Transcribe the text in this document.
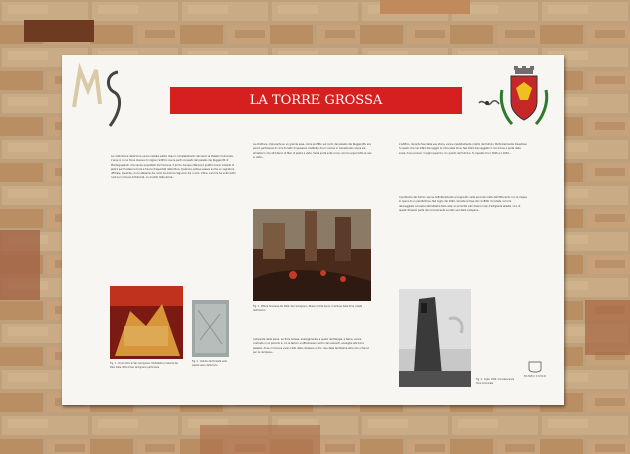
LA TORRE GROSSA
La costruzione della torre venne iniziata subito dopo il completamento dei lavori al Palazzo Comunale. L'area in cui si trova doveva di origine l'edificio ove le parti occupato dal palazzo dei Ruggerotti di Montegualandi, che venne acquistato dal Comune. Il primo dunque ottennerò quattro buoni inizianti di pietra per fondare la torre e furono trasportati dalle Mura. Qualcuno poteva essere anche un regnatore ufficiale. Qualche, di cui abbiamo dei nomi da Antonio Signorini tra i nomi, infine. La torre ha unito tutti i ruoli sul comune di Robinda, un erudito della storia...
Fig. 1 - Vicolo Ozio al San Gimignano. Modellista e Insieme del Palio dalla città di San Gimignano particolare
Fig. 2 - Veduta dal Podestà sulla piazza verso della torre
La struttura, imponente su un grande asse, come profitto sul conto del palazzo dei Ruggerotti, era perciò pertinenza di circa 8 metri di spessore costituito da un nucleo in calcestruzzo sopra sia all'esterno che all'interno di filari di pietra a vista. Sulla porta sulla croce, ancora sopra tutte le rasi in vista...
Fig. 3 - Pittura funeraria del 1600, San Gimignano, Museo d'Arte Sacra. Il Ventoso della Torre collata dell'interno.
campanile della pieve. La Torre Grossa, analogamente a quello del Mangia, a Siena, venne costruita in un periodo in cui le fazioni si affermavano entro dei nascenti, analoghe alla torre palazzo, dove il Comune verso l'alto delle campane e fra i due delle tantissime altre che vi fanno per la campana...
L'edificio, durante fasi della sua storia, venne ripetutamente colpito dai fulmini. Particolarmente disastroso fu quello che nel 1494 danneggiò la cima della torre; Nel 1622 danneggiato il cornicione e parte delle scale, dove sorsero i luoghi superiori. Un quarto del fulmine, fu riparato tra il 1626 e il 1630...
Il problema dei fulmini venne definitivamente scongiurato nella seconda metà dell'Ottocento con la messa in opera di un parafulmine. Nel luglio del 1944, durante la fase del conflitto mondiale, la torre danneggiata nel salire dell'altezza della villa; la sommità subì diversi colpi d'artiglieria alleata. Uno di questi dimezzò parte del coronamento sul lato sud della campana...
Fig. 4 - luglio 1944, Convalescenza Torre Comunale
MUSEO CIVICO
